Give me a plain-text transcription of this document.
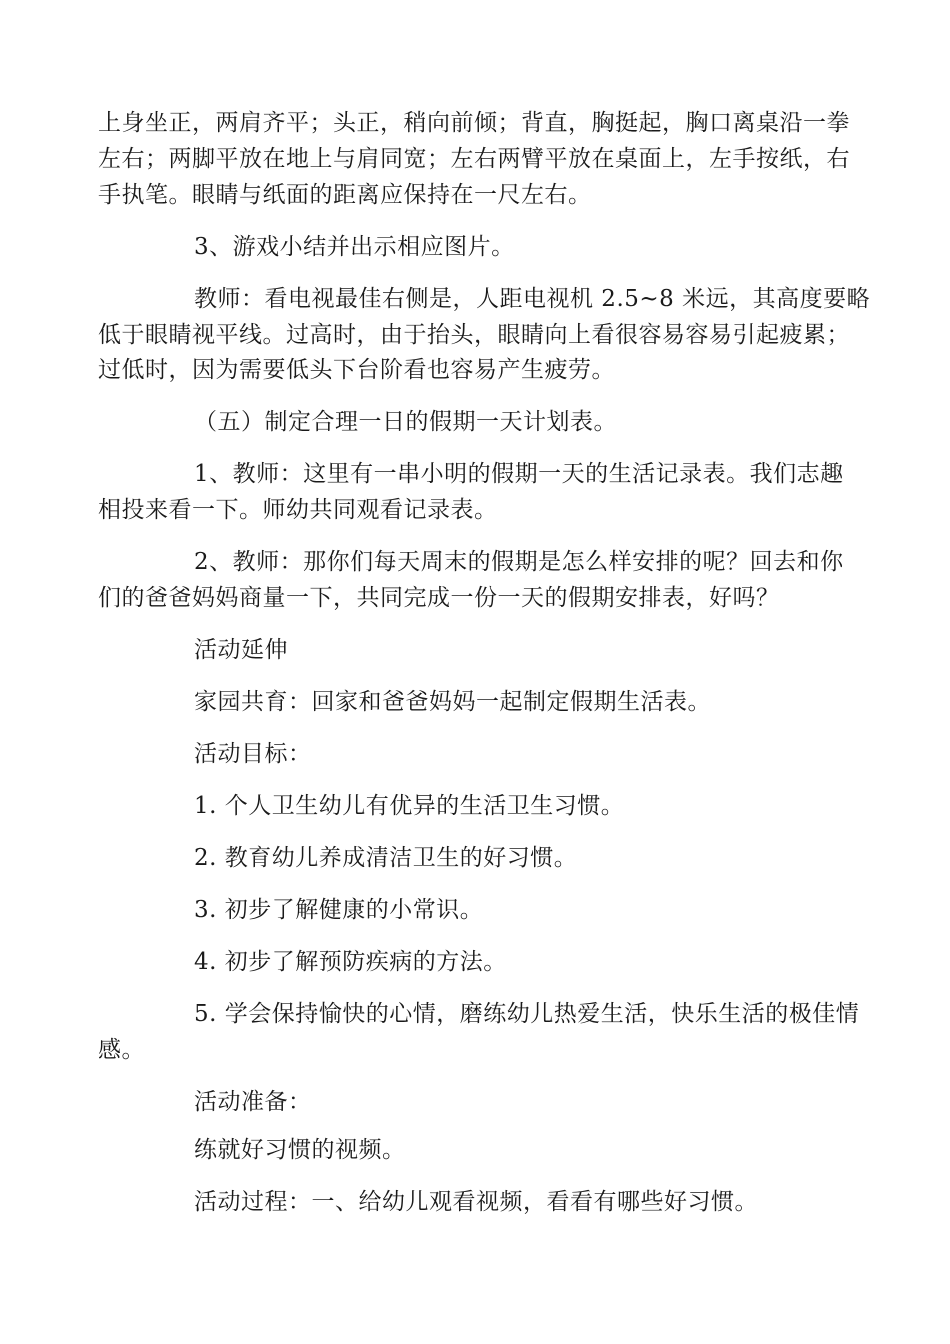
上身坐正，两肩齐平；头正，稍向前倾；背直，胸挺起，胸口离桌沿一拳
左右；两脚平放在地上与肩同宽；左右两臂平放在桌面上，左手按纸，右
手执笔。眼睛与纸面的距离应保持在一尺左右。
3、游戏小结并出示相应图片。
教师：看电视最佳右侧是，人距电视机 2.5~8 米远，其高度要略
低于眼睛视平线。过高时，由于抬头，眼睛向上看很容易容易引起疲累；
过低时，因为需要低头下台阶看也容易产生疲劳。
（五）制定合理一日的假期一天计划表。
1、教师：这里有一串小明的假期一天的生活记录表。我们志趣
相投来看一下。师幼共同观看记录表。
2、教师：那你们每天周末的假期是怎么样安排的呢？回去和你
们的爸爸妈妈商量一下，共同完成一份一天的假期安排表，好吗？
活动延伸
家园共育：回家和爸爸妈妈一起制定假期生活表。
活动目标：
1. 个人卫生幼儿有优异的生活卫生习惯。
2. 教育幼儿养成清洁卫生的好习惯。
3. 初步了解健康的小常识。
4. 初步了解预防疾病的方法。
5. 学会保持愉快的心情，磨练幼儿热爱生活，快乐生活的极佳情
感。
活动准备：
练就好习惯的视频。
活动过程：一、给幼儿观看视频，看看有哪些好习惯。
